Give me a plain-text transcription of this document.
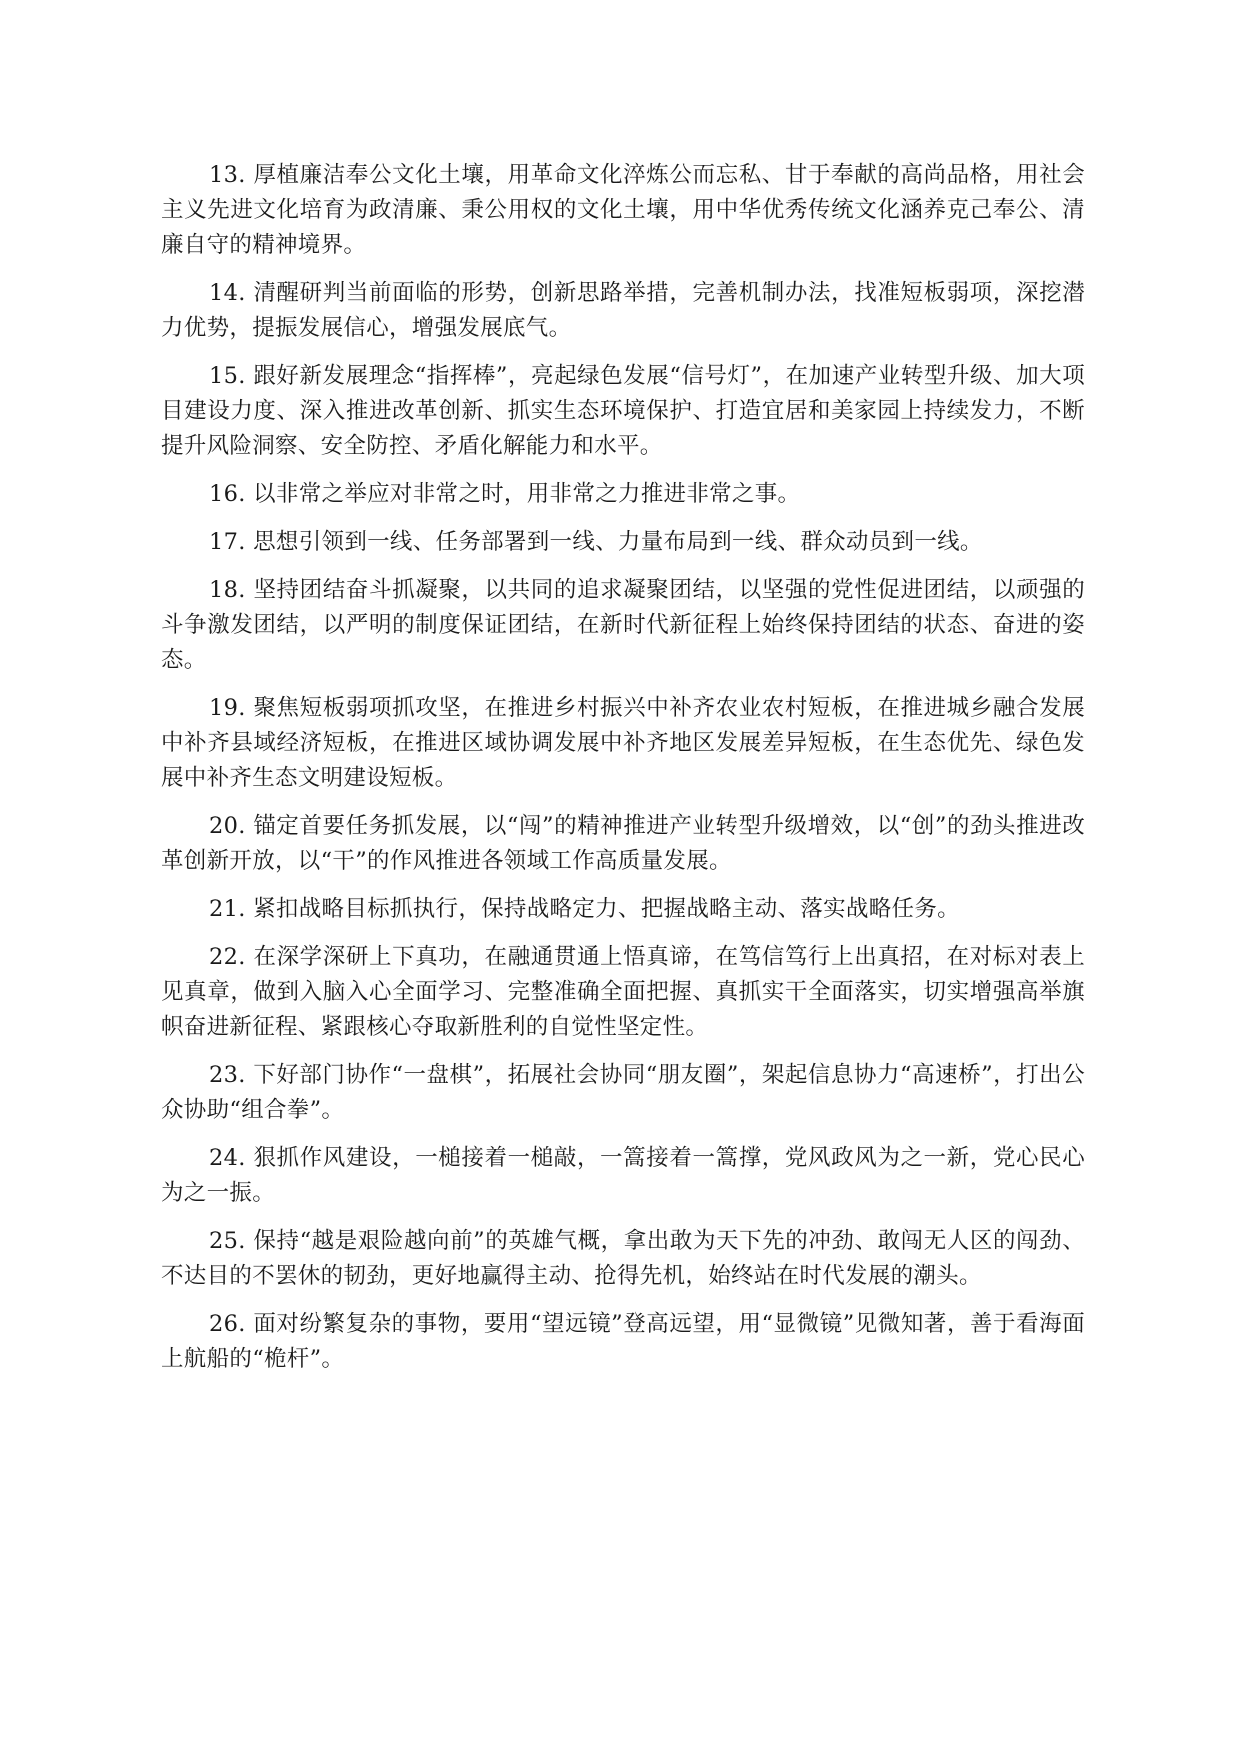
13. 厚植廉洁奉公文化土壤，用革命文化淬炼公而忘私、甘于奉献的高尚品格，用社会主义先进文化培育为政清廉、秉公用权的文化土壤，用中华优秀传统文化涵养克己奉公、清廉自守的精神境界。

14. 清醒研判当前面临的形势，创新思路举措，完善机制办法，找准短板弱项，深挖潜力优势，提振发展信心，增强发展底气。

15. 跟好新发展理念“指挥棒”，亮起绿色发展“信号灯”，在加速产业转型升级、加大项目建设力度、深入推进改革创新、抓实生态环境保护、打造宜居和美家园上持续发力，不断提升风险洞察、安全防控、矛盾化解能力和水平。

16. 以非常之举应对非常之时，用非常之力推进非常之事。

17. 思想引领到一线、任务部署到一线、力量布局到一线、群众动员到一线。

18. 坚持团结奋斗抓凝聚，以共同的追求凝聚团结，以坚强的党性促进团结，以顽强的斗争激发团结，以严明的制度保证团结，在新时代新征程上始终保持团结的状态、奋进的姿态。

19. 聚焦短板弱项抓攻坚，在推进乡村振兴中补齐农业农村短板，在推进城乡融合发展中补齐县域经济短板，在推进区域协调发展中补齐地区发展差异短板，在生态优先、绿色发展中补齐生态文明建设短板。

20. 锚定首要任务抓发展，以“闯”的精神推进产业转型升级增效，以“创”的劲头推进改革创新开放，以“干”的作风推进各领域工作高质量发展。

21. 紧扣战略目标抓执行，保持战略定力、把握战略主动、落实战略任务。

22. 在深学深研上下真功，在融通贯通上悟真谛，在笃信笃行上出真招，在对标对表上见真章，做到入脑入心全面学习、完整准确全面把握、真抓实干全面落实，切实增强高举旗帜奋进新征程、紧跟核心夺取新胜利的自觉性坚定性。

23. 下好部门协作“一盘棋”，拓展社会协同“朋友圈”，架起信息协力“高速桥”，打出公众协助“组合拳”。

24. 狠抓作风建设，一槌接着一槌敲，一篙接着一篙撑，党风政风为之一新，党心民心为之一振。

25. 保持“越是艰险越向前”的英雄气概，拿出敢为天下先的冲劲、敢闯无人区的闯劲、不达目的不罢休的韧劲，更好地赢得主动、抢得先机，始终站在时代发展的潮头。

26. 面对纷繁复杂的事物，要用“望远镜”登高远望，用“显微镜”见微知著，善于看海面上航船的“桅杆”。
